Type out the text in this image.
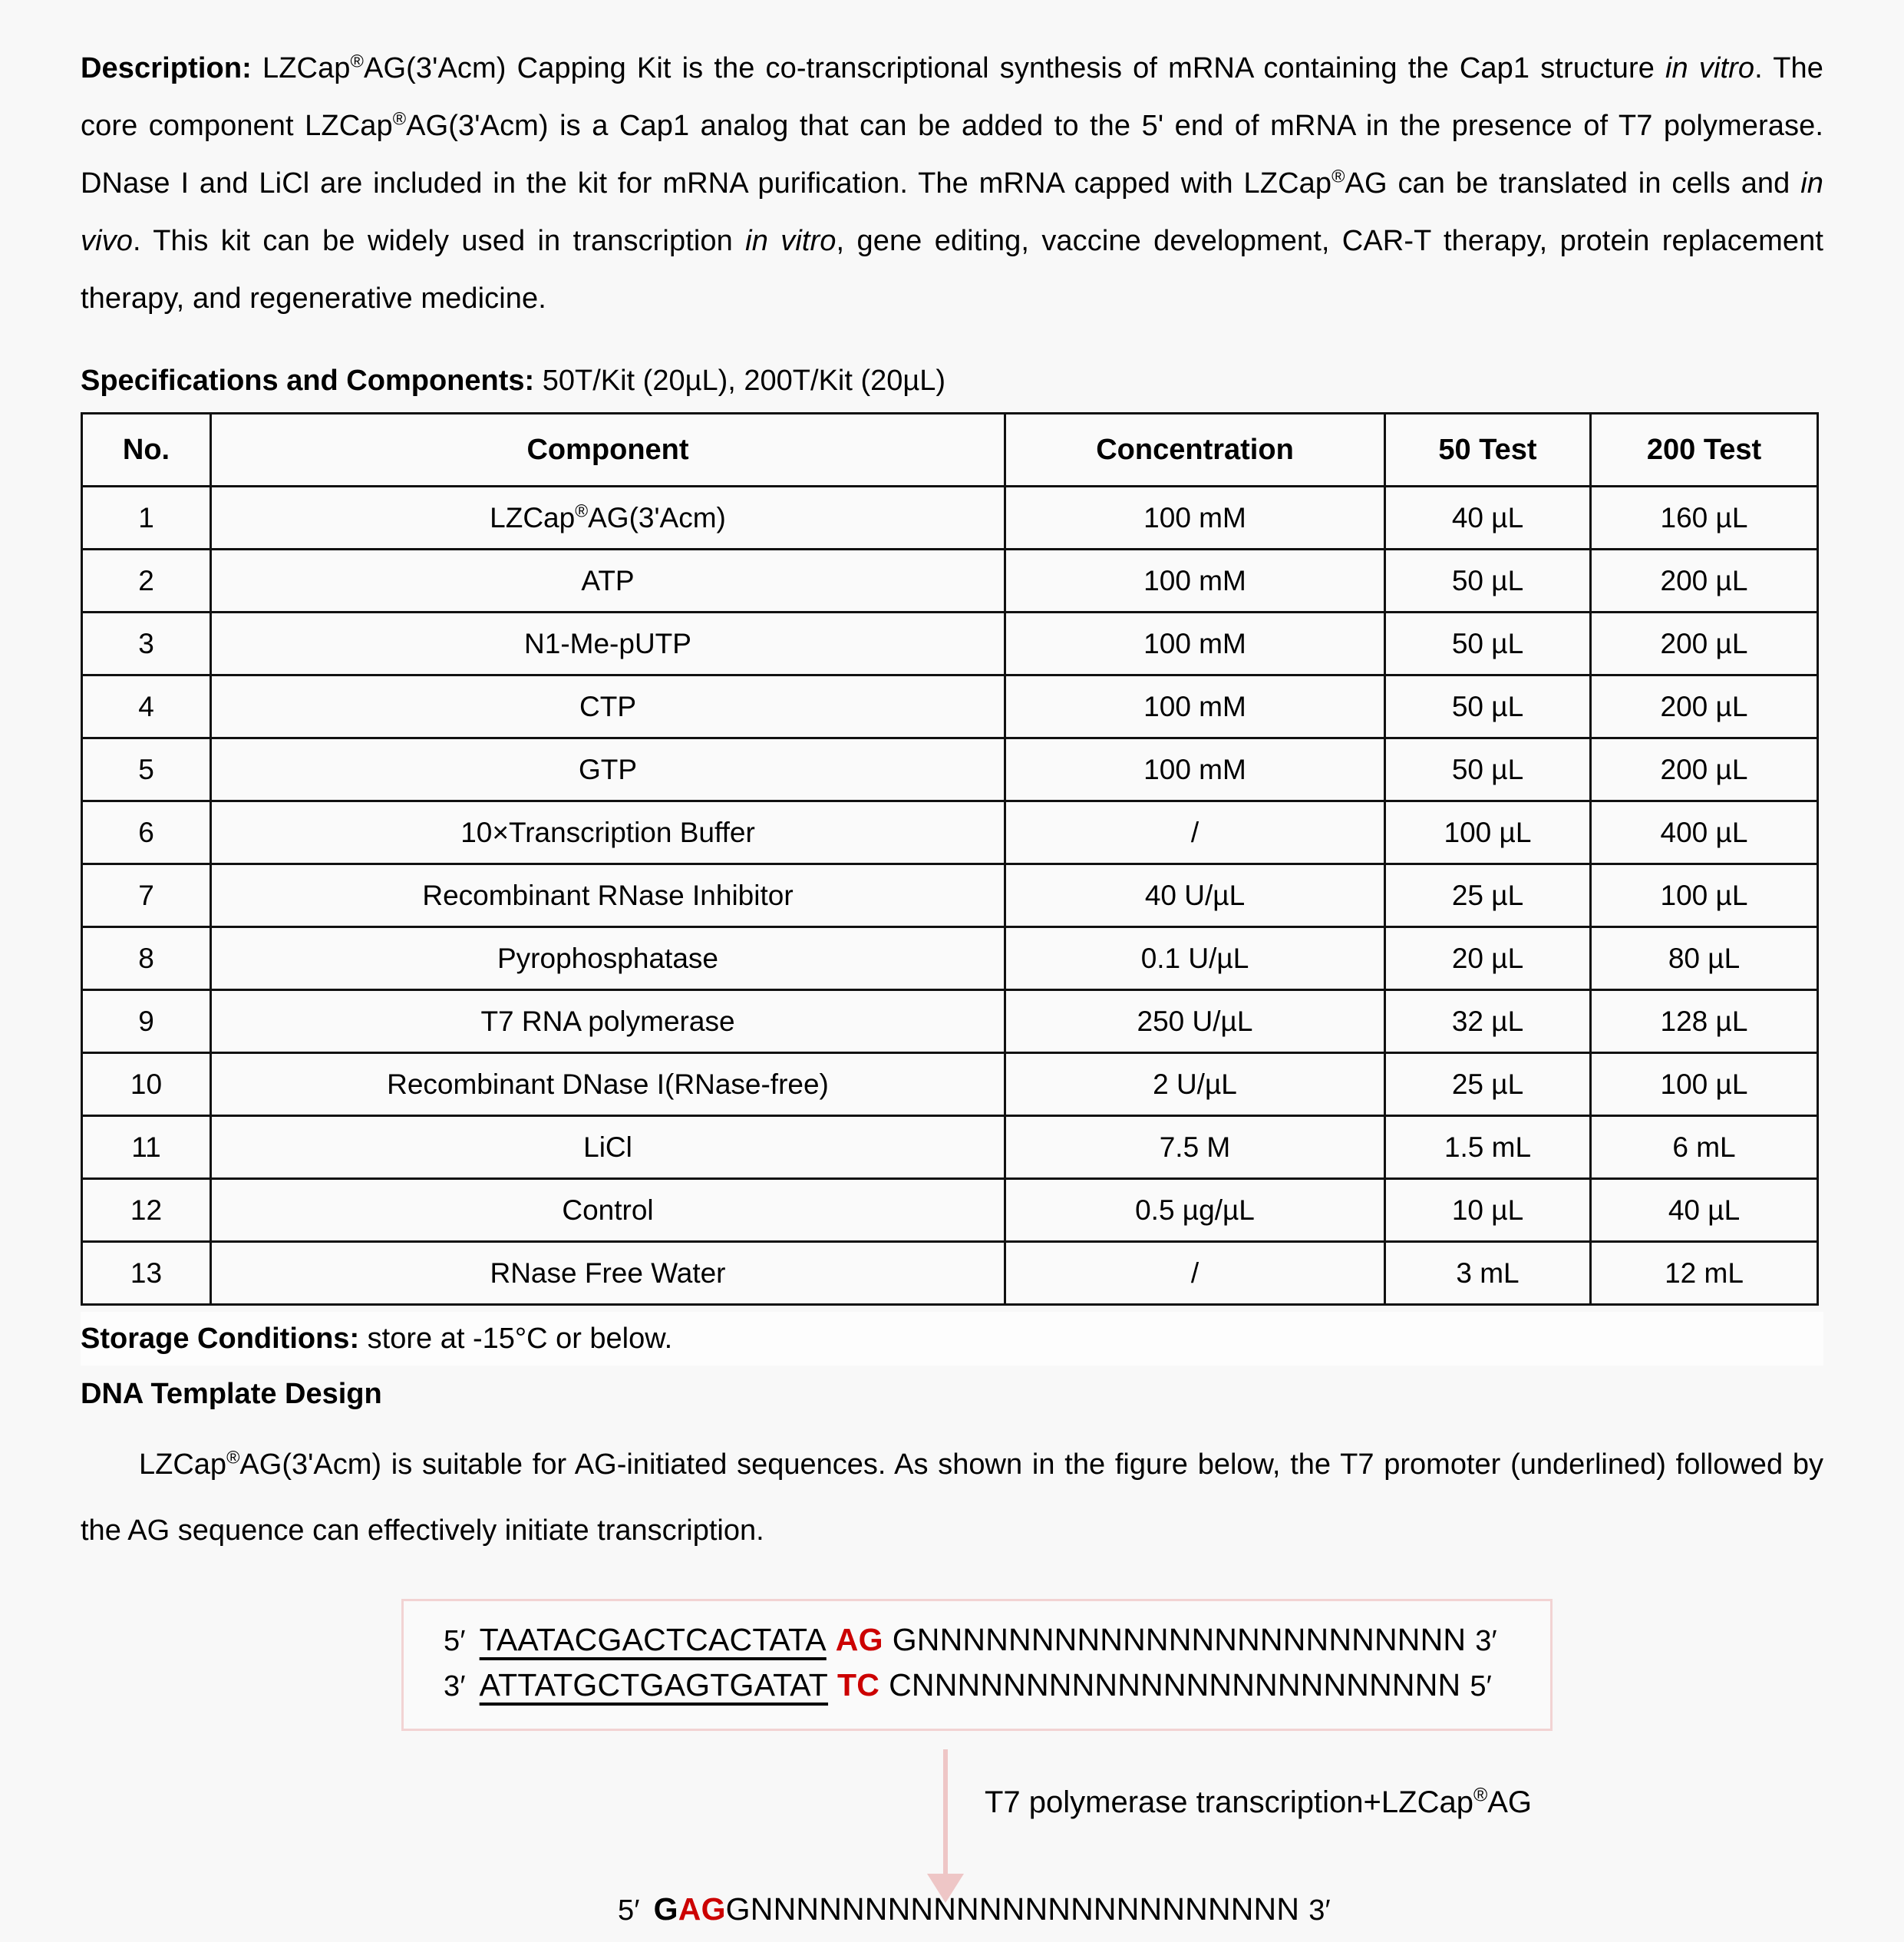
Description: LZCap®AG(3'Acm) Capping Kit is the co-transcriptional synthesis of mRNA containing the Cap1 structure in vitro. The core component LZCap®AG(3'Acm) is a Cap1 analog that can be added to the 5' end of mRNA in the presence of T7 polymerase. DNase I and LiCl are included in the kit for mRNA purification. The mRNA capped with LZCap®AG can be translated in cells and in vivo. This kit can be widely used in transcription in vitro, gene editing, vaccine development, CAR-T therapy, protein replacement therapy, and regenerative medicine.

Specifications and Components: 50T/Kit (20µL), 200T/Kit (20µL)
No.	Component	Concentration	50 Test	200 Test
1	LZCap®AG(3'Acm)	100 mM	40 µL	160 µL
2	ATP	100 mM	50 µL	200 µL
3	N1-Me-pUTP	100 mM	50 µL	200 µL
4	CTP	100 mM	50 µL	200 µL
5	GTP	100 mM	50 µL	200 µL
6	10×Transcription Buffer	/	100 µL	400 µL
7	Recombinant RNase Inhibitor	40 U/µL	25 µL	100 µL
8	Pyrophosphatase	0.1 U/µL	20 µL	80 µL
9	T7 RNA polymerase	250 U/µL	32 µL	128 µL
10	Recombinant DNase I(RNase-free)	2 U/µL	25 µL	100 µL
11	LiCl	7.5 M	1.5 mL	6 mL
12	Control	0.5 µg/µL	10 µL	40 µL
13	RNase Free Water	/	3 mL	12 mL
Storage Conditions: store at -15°C or below.
DNA Template Design

LZCap®AG(3'Acm) is suitable for AG-initiated sequences. As shown in the figure below, the T7 promoter (underlined) followed by the AG sequence can effectively initiate transcription.

5′ TAATACGACTCACTATA AG GNNNNNNNNNNNNNNNNNNNNNNNN 3′
3′ ATTATGCTGAGTGATAT TC CNNNNNNNNNNNNNNNNNNNNNNNN 5′
T7 polymerase transcription+LZCap®AG
5′ GAGGNNNNNNNNNNNNNNNNNNNNNNNN 3′
